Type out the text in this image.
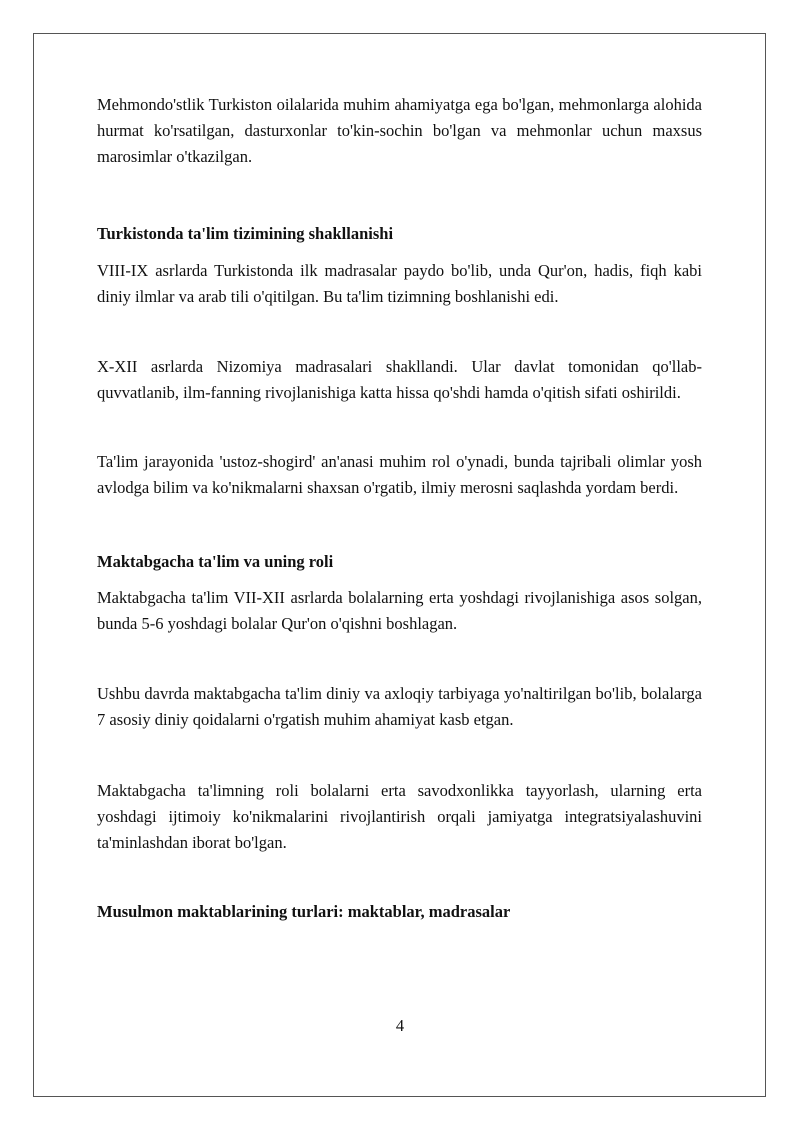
Mehmondo'stlik Turkiston oilalarida muhim ahamiyatga ega bo'lgan, mehmonlarga alohida hurmat ko'rsatilgan, dasturxonlar to'kin-sochin bo'lgan va mehmonlar uchun maxsus marosimlar o'tkazilgan.

Turkistonda ta'lim tizimining shakllanishi

VIII-IX asrlarda Turkistonda ilk madrasalar paydo bo'lib, unda Qur'on, hadis, fiqh kabi diniy ilmlar va arab tili o'qitilgan. Bu ta'lim tizimning boshlanishi edi.

X-XII asrlarda Nizomiya madrasalari shakllandi. Ular davlat tomonidan qo'llab-quvvatlanib, ilm-fanning rivojlanishiga katta hissa qo'shdi hamda o'qitish sifati oshirildi.

Ta'lim jarayonida 'ustoz-shogird' an'anasi muhim rol o'ynadi, bunda tajribali olimlar yosh avlodga bilim va ko'nikmalarni shaxsan o'rgatib, ilmiy merosni saqlashda yordam berdi.

Maktabgacha ta'lim va uning roli

Maktabgacha ta'lim VII-XII asrlarda bolalarning erta yoshdagi rivojlanishiga asos solgan, bunda 5-6 yoshdagi bolalar Qur'on o'qishni boshlagan.

Ushbu davrda maktabgacha ta'lim diniy va axloqiy tarbiyaga yo'naltirilgan bo'lib, bolalarga 7 asosiy diniy qoidalarni o'rgatish muhim ahamiyat kasb etgan.

Maktabgacha ta'limning roli bolalarni erta savodxonlikka tayyorlash, ularning erta yoshdagi ijtimoiy ko'nikmalarini rivojlantirish orqali jamiyatga integratsiyalashuvini ta'minlashdan iborat bo'lgan.

Musulmon maktablarining turlari: maktablar, madrasalar
4
